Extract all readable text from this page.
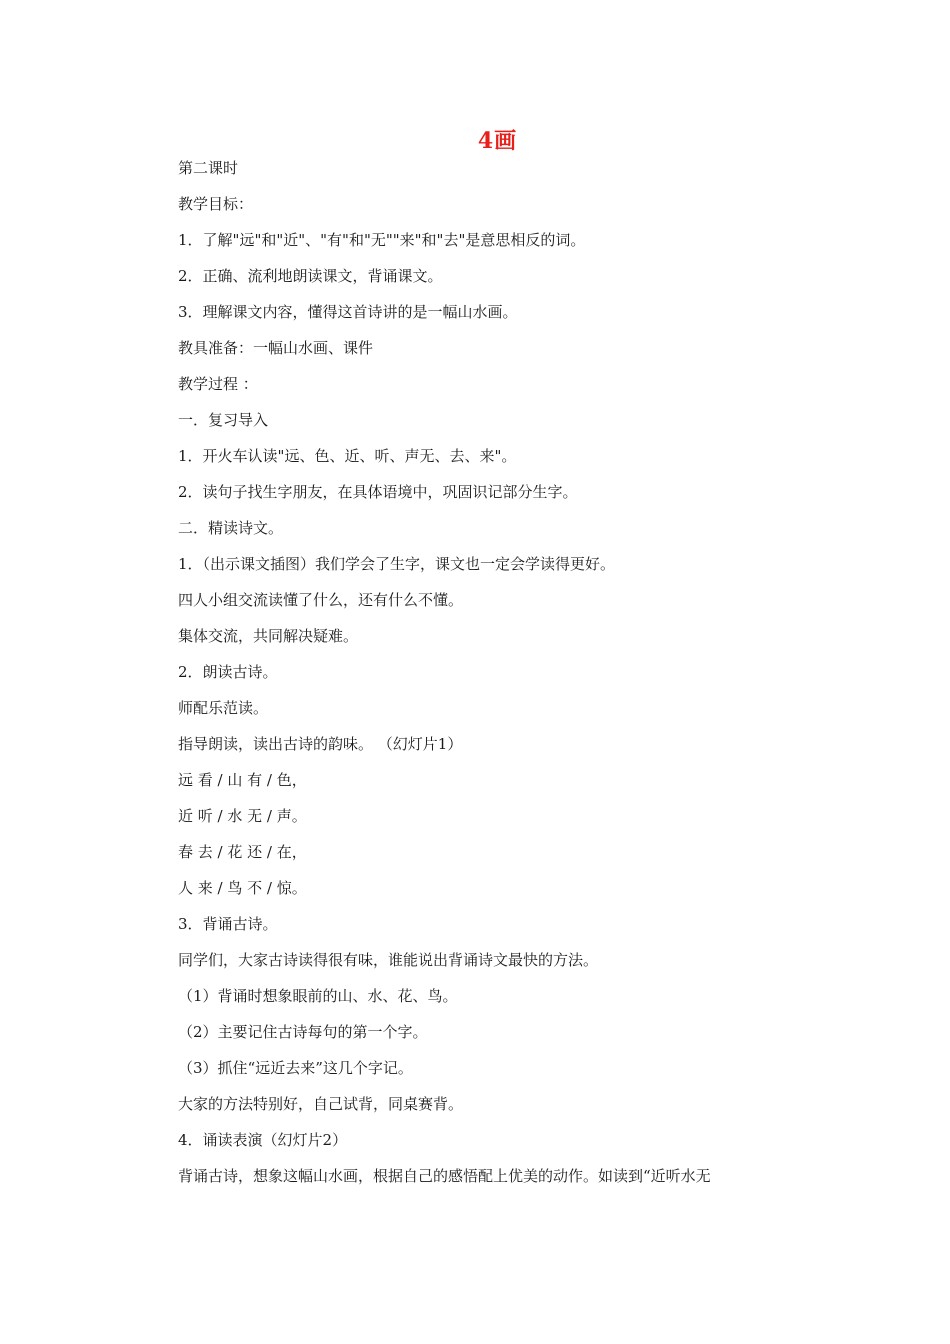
4画
第二课时
教学目标：
1．了解"远"和"近"、"有"和"无""来"和"去"是意思相反的词。
2．正确、流利地朗读课文，背诵课文。
3．理解课文内容，懂得这首诗讲的是一幅山水画。
教具准备：一幅山水画、课件
教学过程 ：
一．复习导入
1．开火车认读"远、色、近、听、声无、去、来"。
2．读句子找生字朋友，在具体语境中，巩固识记部分生字。
二．精读诗文。
1．（出示课文插图）我们学会了生字，课文也一定会学读得更好。
四人小组交流读懂了什么，还有什么不懂。
集体交流，共同解决疑难。
2．朗读古诗。
师配乐范读。
指导朗读，读出古诗的韵味。 （幻灯片1）
远 看 / 山 有 / 色，
近 听 / 水 无 / 声。
春 去 / 花 还 / 在，
人 来 / 鸟 不 / 惊。
3．背诵古诗。
同学们，大家古诗读得很有味，谁能说出背诵诗文最快的方法。
（1）背诵时想象眼前的山、水、花、鸟。
（2）主要记住古诗每句的第一个字。
（3）抓住“远近去来”这几个字记。
大家的方法特别好，自己试背，同桌赛背。
4．诵读表演（幻灯片2）
背诵古诗，想象这幅山水画，根据自己的感悟配上优美的动作。如读到“近听水无
